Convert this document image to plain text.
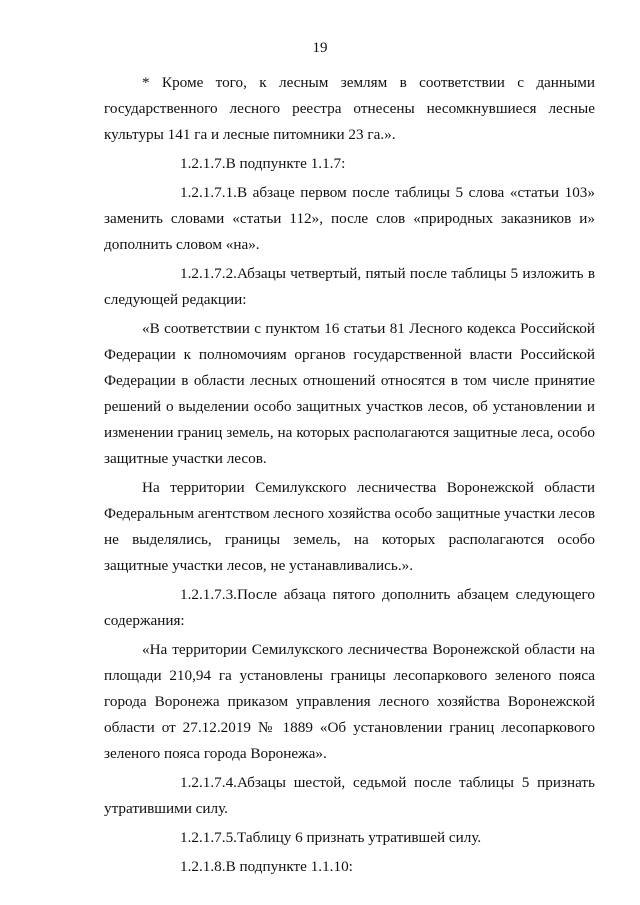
19

* Кроме того, к лесным землям в соответствии с данными государственного лесного реестра отнесены несомкнувшиеся лесные культуры 141 га и лесные питомники 23 га.».

1.2.1.7.В подпункте 1.1.7:

1.2.1.7.1.В абзаце первом после таблицы 5 слова «статьи 103» заменить словами «статьи 112», после слов «природных заказников и» дополнить словом «на».

1.2.1.7.2.Абзацы четвертый, пятый после таблицы 5 изложить в следующей редакции:

«В соответствии с пунктом 16 статьи 81 Лесного кодекса Российской Федерации к полномочиям органов государственной власти Российской Федерации в области лесных отношений относятся в том числе принятие решений о выделении особо защитных участков лесов, об установлении и изменении границ земель, на которых располагаются защитные леса, особо защитные участки лесов.

На территории Семилукского лесничества Воронежской области Федеральным агентством лесного хозяйства особо защитные участки лесов не выделялись, границы земель, на которых располагаются особо защитные участки лесов, не устанавливались.».

1.2.1.7.3.После абзаца пятого дополнить абзацем следующего содержания:

«На территории Семилукского лесничества Воронежской области на площади 210,94 га установлены границы лесопаркового зеленого пояса города Воронежа приказом управления лесного хозяйства Воронежской области от 27.12.2019 № 1889 «Об установлении границ лесопаркового зеленого пояса города Воронежа».

1.2.1.7.4.Абзацы шестой, седьмой после таблицы 5 признать утратившими силу.

1.2.1.7.5.Таблицу 6 признать утратившей силу.

1.2.1.8.В подпункте 1.1.10:
